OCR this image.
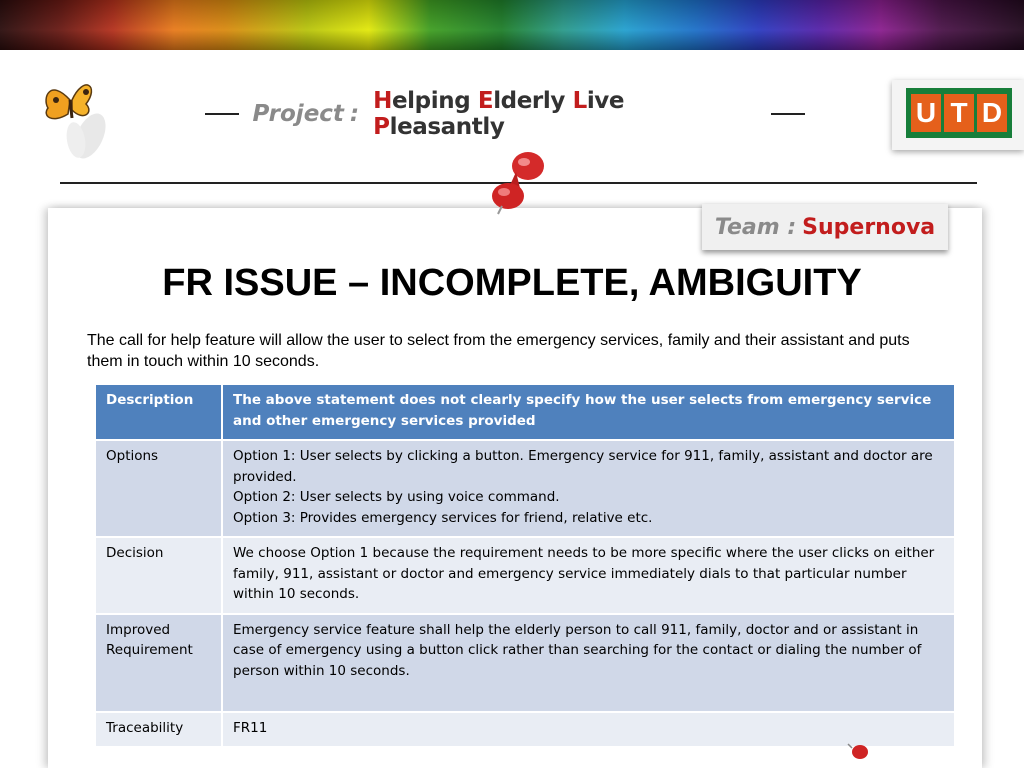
Project : Helping Elderly Live Pleasantly	U T D
Team : Supernova
FR ISSUE – INCOMPLETE, AMBIGUITY

The call for help feature will allow the user to select from the emergency services, family and their assistant and puts them in touch within 10 seconds.

Description	The above statement does not clearly specify how the user selects from emergency service and other emergency services provided

Options	Option 1: User selects by clicking a button. Emergency service for 911, family, assistant and doctor are provided.
Option 2: User selects by using voice command.
Option 3: Provides emergency services for friend, relative etc.

Decision	We choose Option 1 because the requirement needs to be more specific where the user clicks on either family, 911, assistant or doctor and emergency service immediately dials to that particular number within 10 seconds.

Improved Requirement	Emergency service feature shall help the elderly person to call 911, family, doctor and or assistant in case of emergency using a button click rather than searching for the contact or dialing the number of person within 10 seconds.

Traceability	FR11
